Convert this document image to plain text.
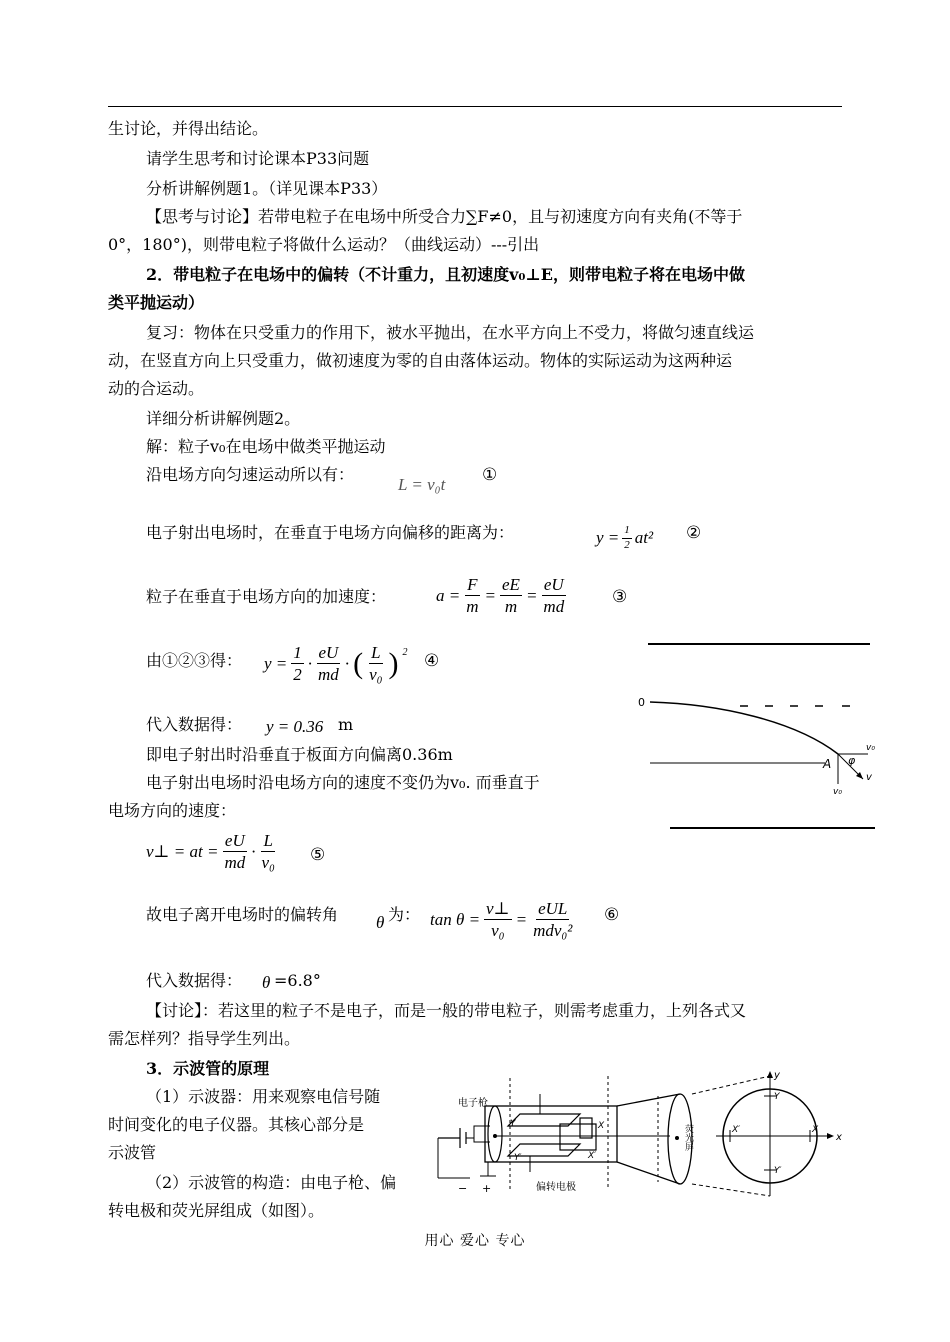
生讨论，并得出结论。
请学生思考和讨论课本P33问题
分析讲解例题1。（详见课本P33）
【思考与讨论】若带电粒子在电场中所受合力∑F≠0，且与初速度方向有夹角(不等于
0°，180°)，则带电粒子将做什么运动？（曲线运动）---引出
2．带电粒子在电场中的偏转（不计重力，且初速度v₀⊥E，则带电粒子将在电场中做
类平抛运动）
复习：物体在只受重力的作用下，被水平抛出，在水平方向上不受力，将做匀速直线运
动，在竖直方向上只受重力，做初速度为零的自由落体运动。物体的实际运动为这两种运
动的合运动。
详细分析讲解例题2。
解：粒子v₀在电场中做类平抛运动
沿电场方向匀速运动所以有：
L = v₀t ①
电子射出电场时，在垂直于电场方向偏移的距离为：	$y = \frac{1}{2} at^2$ ②
粒子在垂直于电场方向的加速度：	$a = \frac{F}{m} = \frac{eE}{m} = \frac{eU}{md}$	③
由①②③得： $y = \frac{1}{2} \cdot \frac{eU}{md}$ · ( $\frac{L}{\text{v₀}}$ ) $^2$ ④
代入数据得： y = 0.36 m
即电子射出时沿垂直于板面方向偏离0.36m
电子射出电场时沿电场方向的速度不变仍为v₀. 而垂直于
电场方向的速度：
v⊥ = at = $\frac{eU}{md} \cdot \frac{L}{\text{v₀}}$ ⑤
故电子离开电场时的偏转角 θ 为： $\tan \theta = \frac{v\perp}{\text{v₀}} = \frac{\text{eUL}}{\text{mdv₀²}}$ ⑥
代入数据得： θ =6.8°
【讨论】：若这里的粒子不是电子，而是一般的带电粒子，则需考虑重力，上列各式又
需怎样列？指导学生列出。
3．示波管的原理
（1）示波器：用来观察电信号随
时间变化的电子仪器。其核心部分是
示波管
（2）示波管的构造：由电子枪、偏
转电极和荧光屏组成（如图）。
0
A φ
v₀
v
v₀
− +
电子枪
荧光屏
偏转电极
Y
Y′
X
X′
Y
Y′
X′	X
y
x
用心 爱心 专心
